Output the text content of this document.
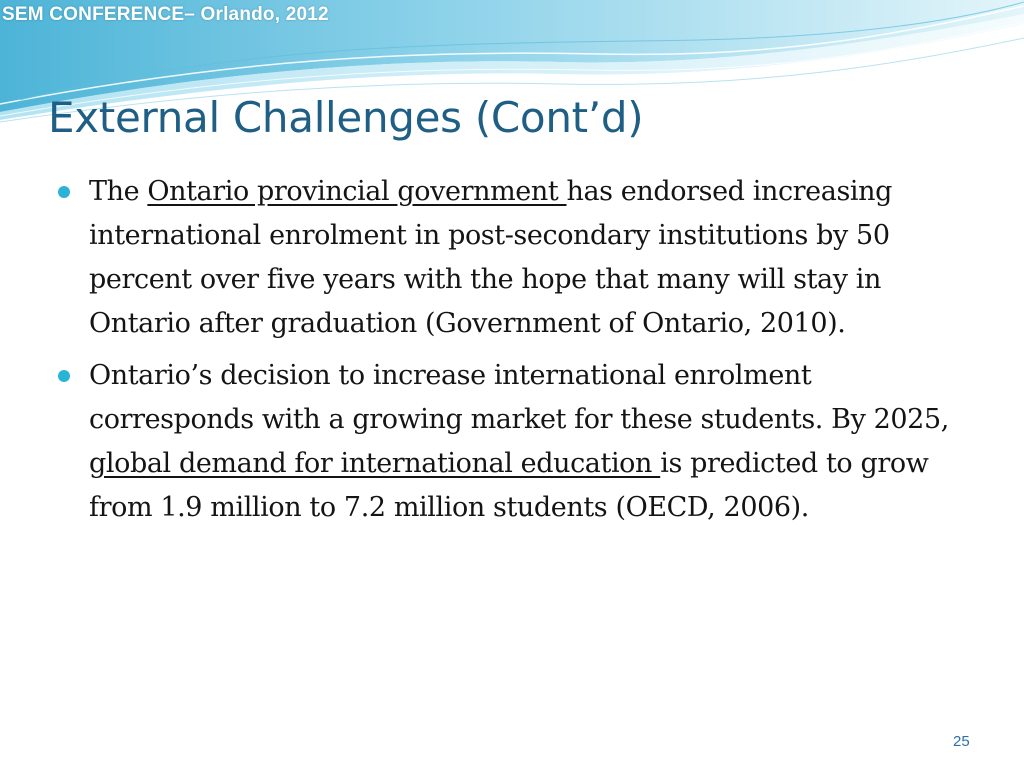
SEM CONFERENCE– Orlando, 2012
External Challenges (Cont’d)
The Ontario provincial government has endorsed increasing international enrolment in post-secondary institutions by 50 percent over five years with the hope that many will stay in Ontario after graduation (Government of Ontario, 2010).
Ontario’s decision to increase international enrolment corresponds with a growing market for these students. By 2025, global demand for international education is predicted to grow from 1.9 million to 7.2 million students (OECD, 2006).
25
